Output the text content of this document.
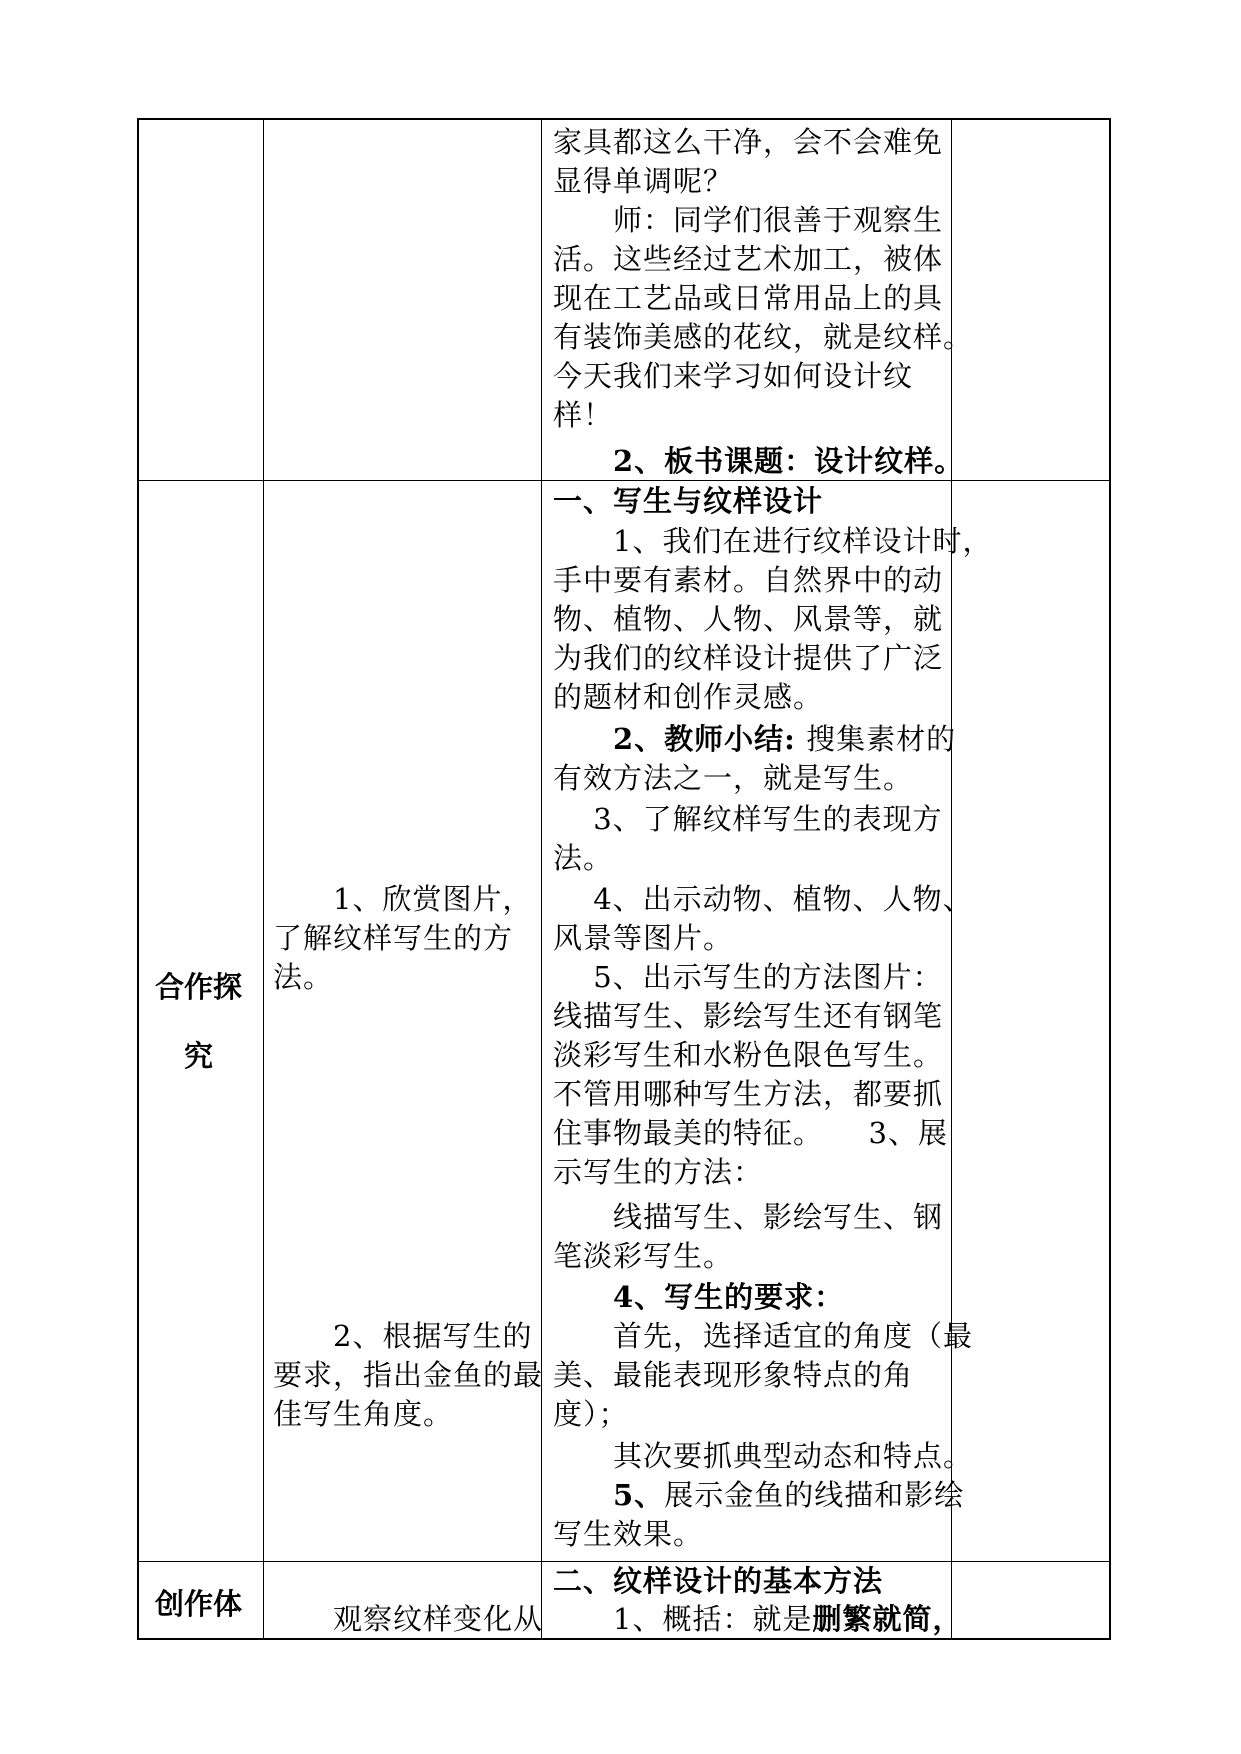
家具都这么干净，会不会难免
显得单调呢？
　　师：同学们很善于观察生
活。这些经过艺术加工，被体
现在工艺品或日常用品上的具
有装饰美感的花纹，就是纹样。
今天我们来学习如何设计纹
样！
　　2、板书课题：设计纹样。
合作探
究
　　1、欣赏图片，
了解纹样写生的方
法。
　　2、根据写生的
要求，指出金鱼的最
佳写生角度。
一、写生与纹样设计
　　1、我们在进行纹样设计时，
手中要有素材。自然界中的动
物、植物、人物、风景等，就
为我们的纹样设计提供了广泛
的题材和创作灵感。
　　2、教师小结: 搜集素材的
有效方法之一，就是写生。
　 3、了解纹样写生的表现方
法。
　 4、出示动物、植物、人物、
风景等图片。
　 5、出示写生的方法图片：
线描写生、影绘写生还有钢笔
淡彩写生和水粉色限色写生。
不管用哪种写生方法，都要抓
住事物最美的特征。　　3、展
示写生的方法：
　　线描写生、影绘写生、钢
笔淡彩写生。
　　4、写生的要求：
　　首先，选择适宜的角度（最
美、最能表现形象特点的角
度）；
　　其次要抓典型动态和特点。
　　5、展示金鱼的线描和影绘
写生效果。
创作体 　　观察纹样变化从
二、纹样设计的基本方法
　　1、概括：就是删繁就简，
